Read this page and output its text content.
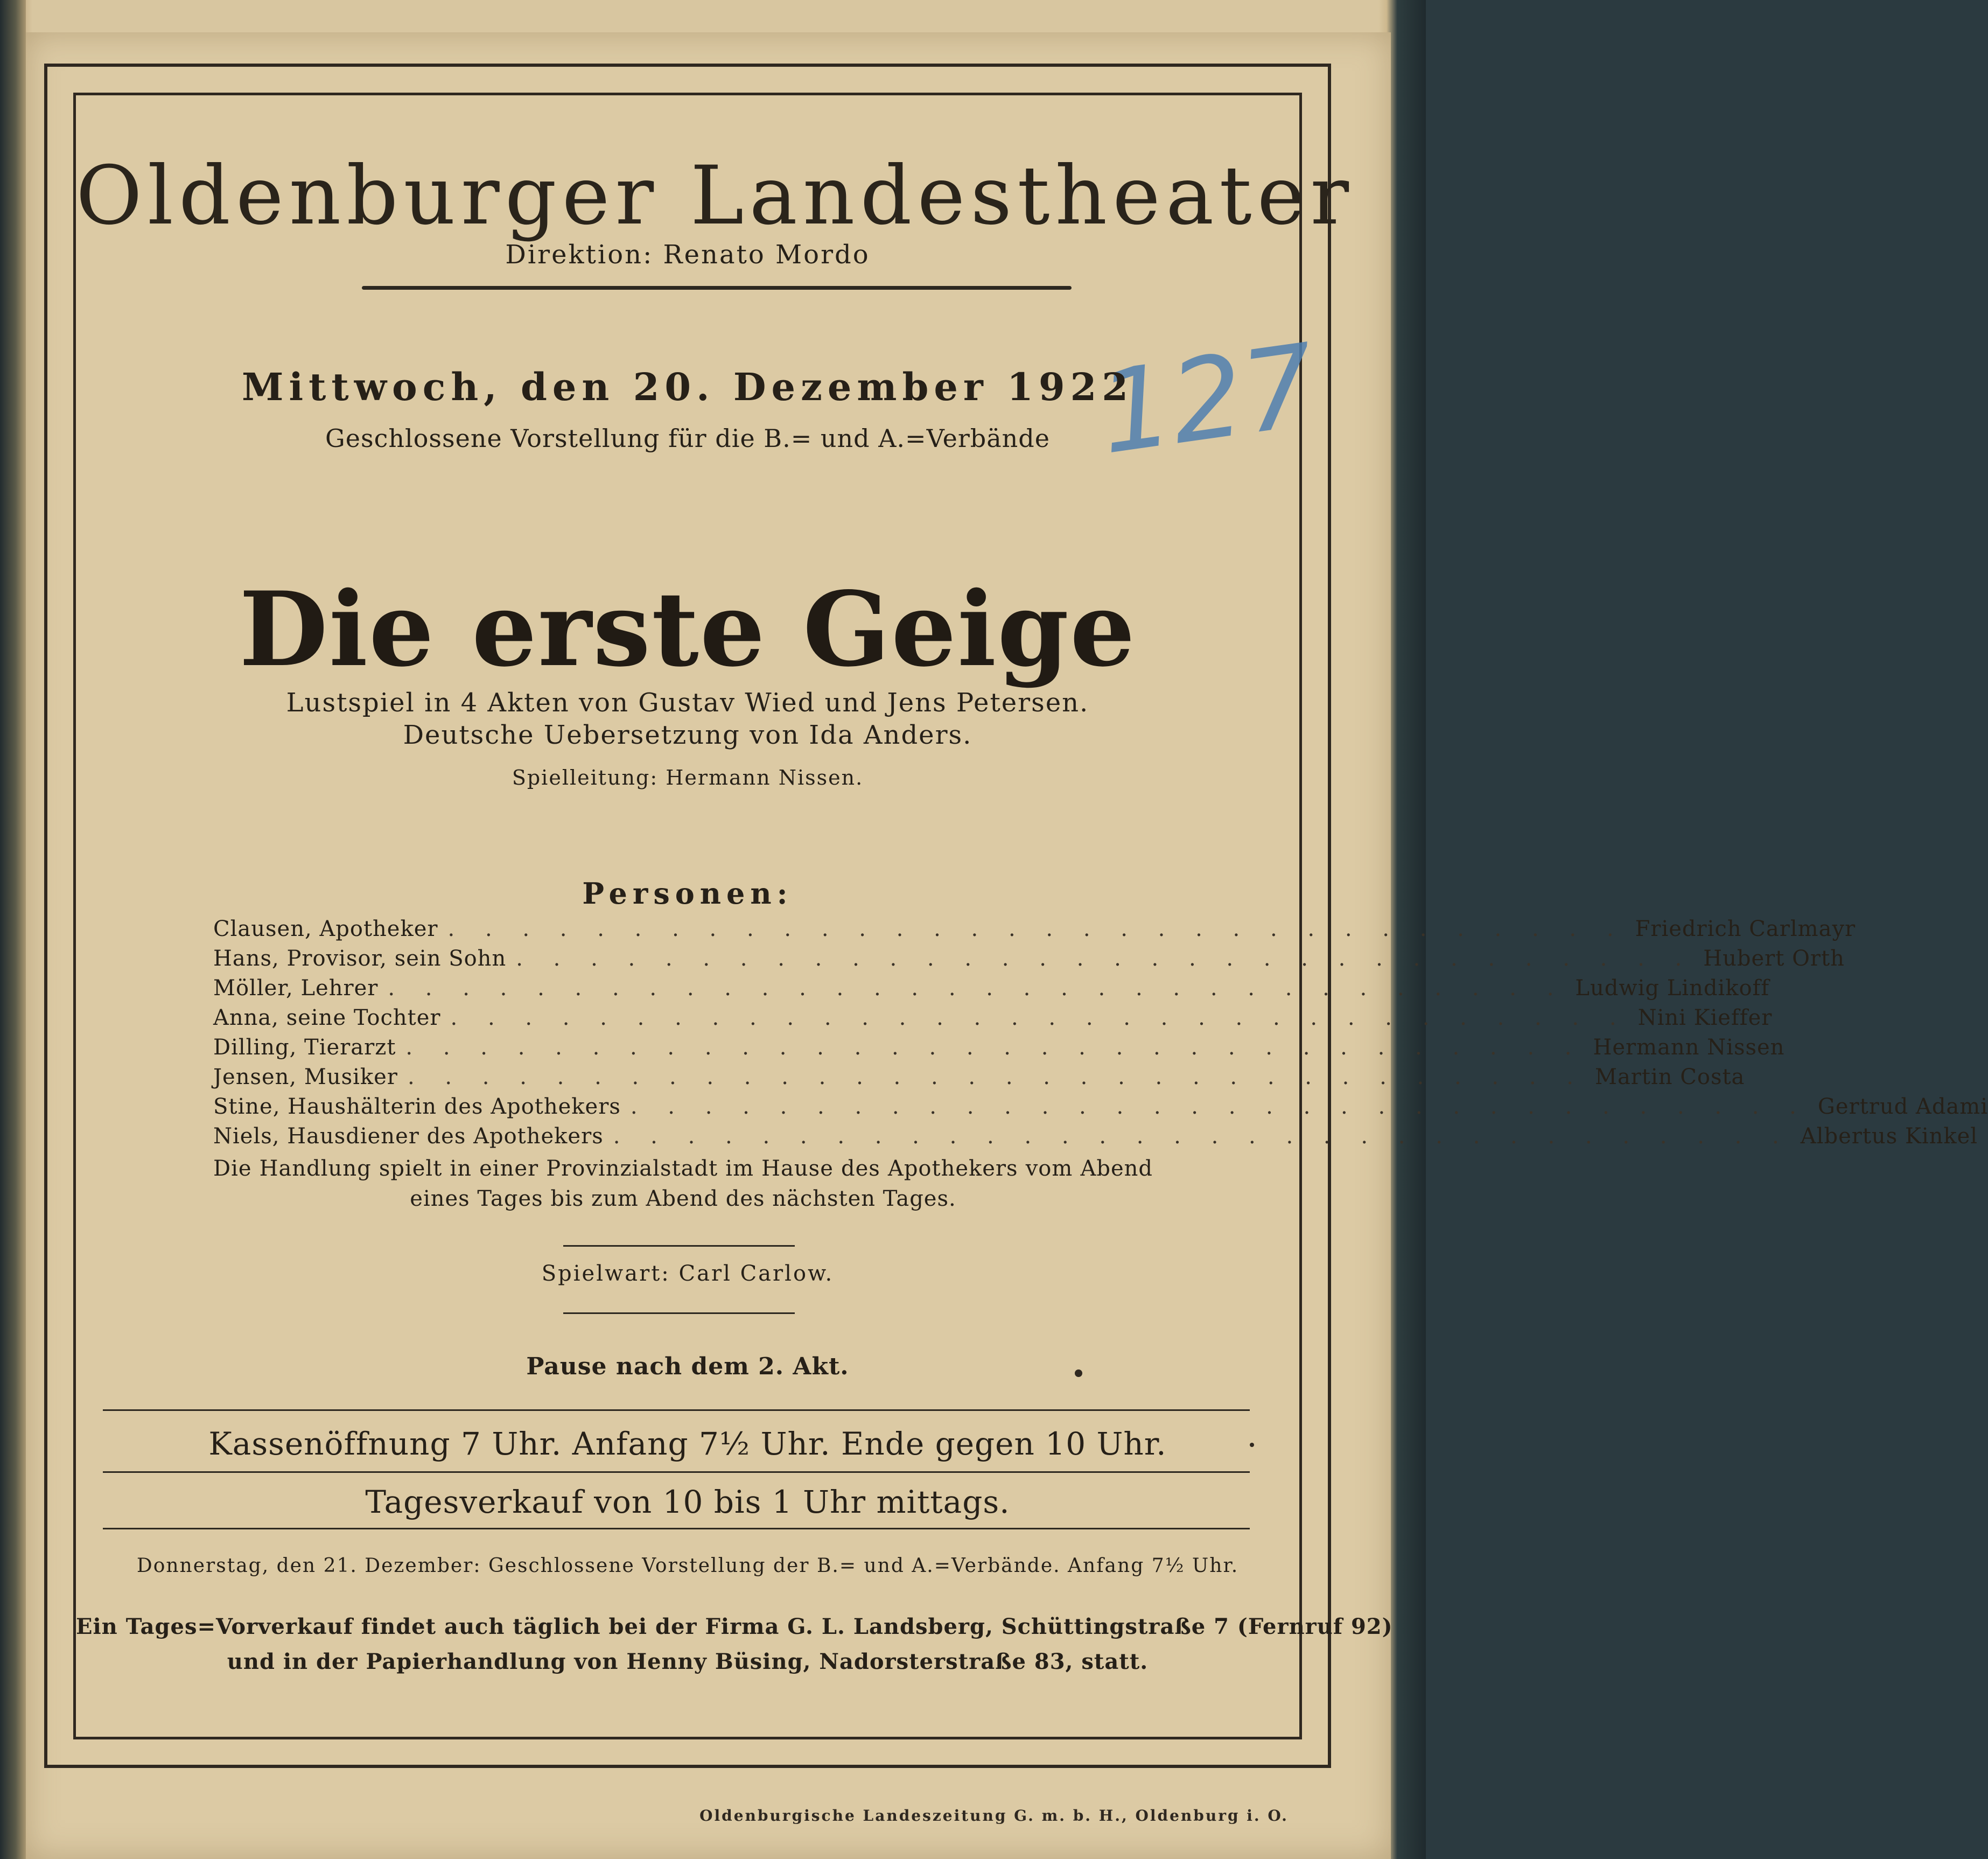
Oldenburger Landestheater
Direktion: Renato Mordo
127
Mittwoch, den 20. Dezember 1922
Geschlossene Vorstellung für die B.= und A.=Verbände
Die erste Geige
Lustspiel in 4 Akten von Gustav Wied und Jens Petersen.
Deutsche Uebersetzung von Ida Anders.
Spielleitung: Hermann Nissen.
Personen:
Clausen, Apotheker . . . . . . . . . . . . . . . . . . . . . . . . . . . . . . . . Friedrich Carlmayr
Hans, Provisor, sein Sohn . . . . . . . . . . . . . . . . . . . . . . . . . . . . . . . . Hubert Orth
Möller, Lehrer . . . . . . . . . . . . . . . . . . . . . . . . . . . . . . . . Ludwig Lindikoff
Anna, seine Tochter . . . . . . . . . . . . . . . . . . . . . . . . . . . . . . . . Nini Kieffer
Dilling, Tierarzt . . . . . . . . . . . . . . . . . . . . . . . . . . . . . . . . Hermann Nissen
Jensen, Musiker . . . . . . . . . . . . . . . . . . . . . . . . . . . . . . . . Martin Costa
Stine, Haushälterin des Apothekers . . . . . . . . . . . . . . . . . . . . . . . . . . . . . . . . Gertrud Adami
Niels, Hausdiener des Apothekers . . . . . . . . . . . . . . . . . . . . . . . . . . . . . . . . Albertus Kinkel
Die Handlung spielt in einer Provinzialstadt im Hause des Apothekers vom Abend eines Tages bis zum Abend des nächsten Tages.
Spielwart: Carl Carlow.
Pause nach dem 2. Akt.
Kassenöffnung 7 Uhr. Anfang 7½ Uhr. Ende gegen 10 Uhr.
Tagesverkauf von 10 bis 1 Uhr mittags.
Donnerstag, den 21. Dezember: Geschlossene Vorstellung der B.= und A.=Verbände. Anfang 7½ Uhr.
Ein Tages=Vorverkauf findet auch täglich bei der Firma G. L. Landsberg, Schüttingstraße 7 (Fernruf 92)
und in der Papierhandlung von Henny Büsing, Nadorsterstraße 83, statt.
Oldenburgische Landeszeitung G. m. b. H., Oldenburg i. O.
